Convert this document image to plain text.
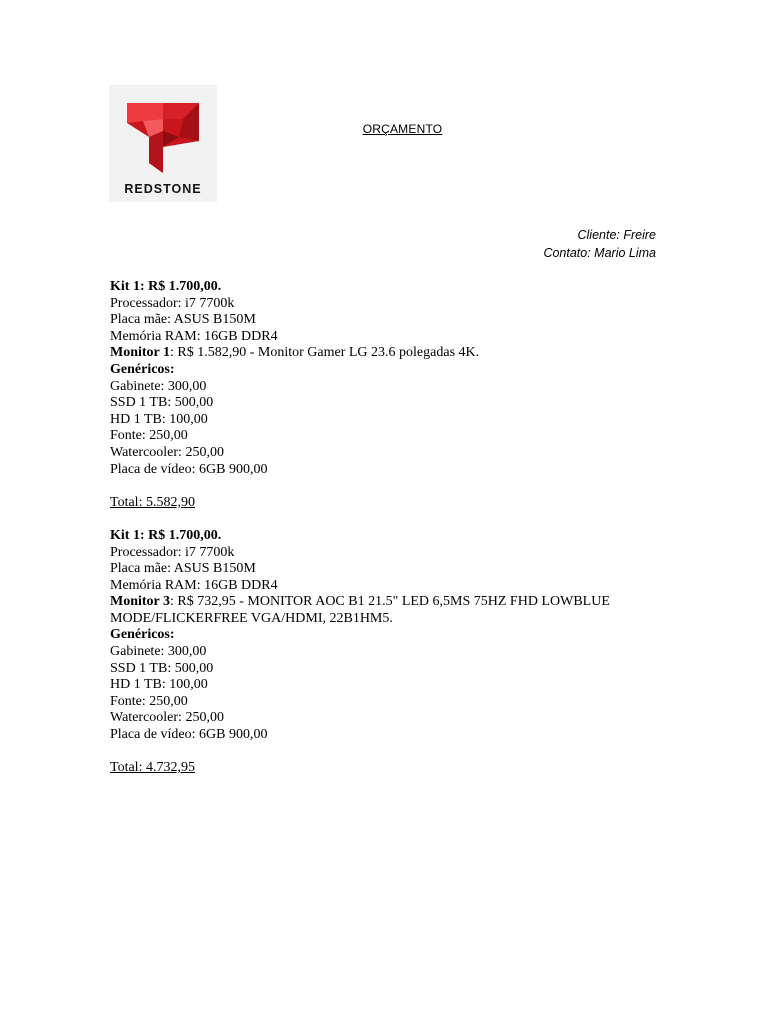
REDSTONE
ORÇAMENTO
Cliente: Freire
Contato: Mario Lima
Kit 1: R$ 1.700,00.
Processador: i7 7700k
Placa mãe: ASUS B150M
Memória RAM: 16GB DDR4
Monitor 1: R$ 1.582,90 - Monitor Gamer LG 23.6 polegadas 4K.
Genéricos:
Gabinete: 300,00
SSD 1 TB: 500,00
HD 1 TB: 100,00
Fonte: 250,00
Watercooler: 250,00
Placa de vídeo: 6GB 900,00
Total: 5.582,90
Kit 1: R$ 1.700,00.
Processador: i7 7700k
Placa mãe: ASUS B150M
Memória RAM: 16GB DDR4
Monitor 3: R$ 732,95 - MONITOR AOC B1 21.5" LED 6,5MS 75HZ FHD LOWBLUE MODE/FLICKERFREE VGA/HDMI, 22B1HM5.
Genéricos:
Gabinete: 300,00
SSD 1 TB: 500,00
HD 1 TB: 100,00
Fonte: 250,00
Watercooler: 250,00
Placa de vídeo: 6GB 900,00
Total: 4.732,95
